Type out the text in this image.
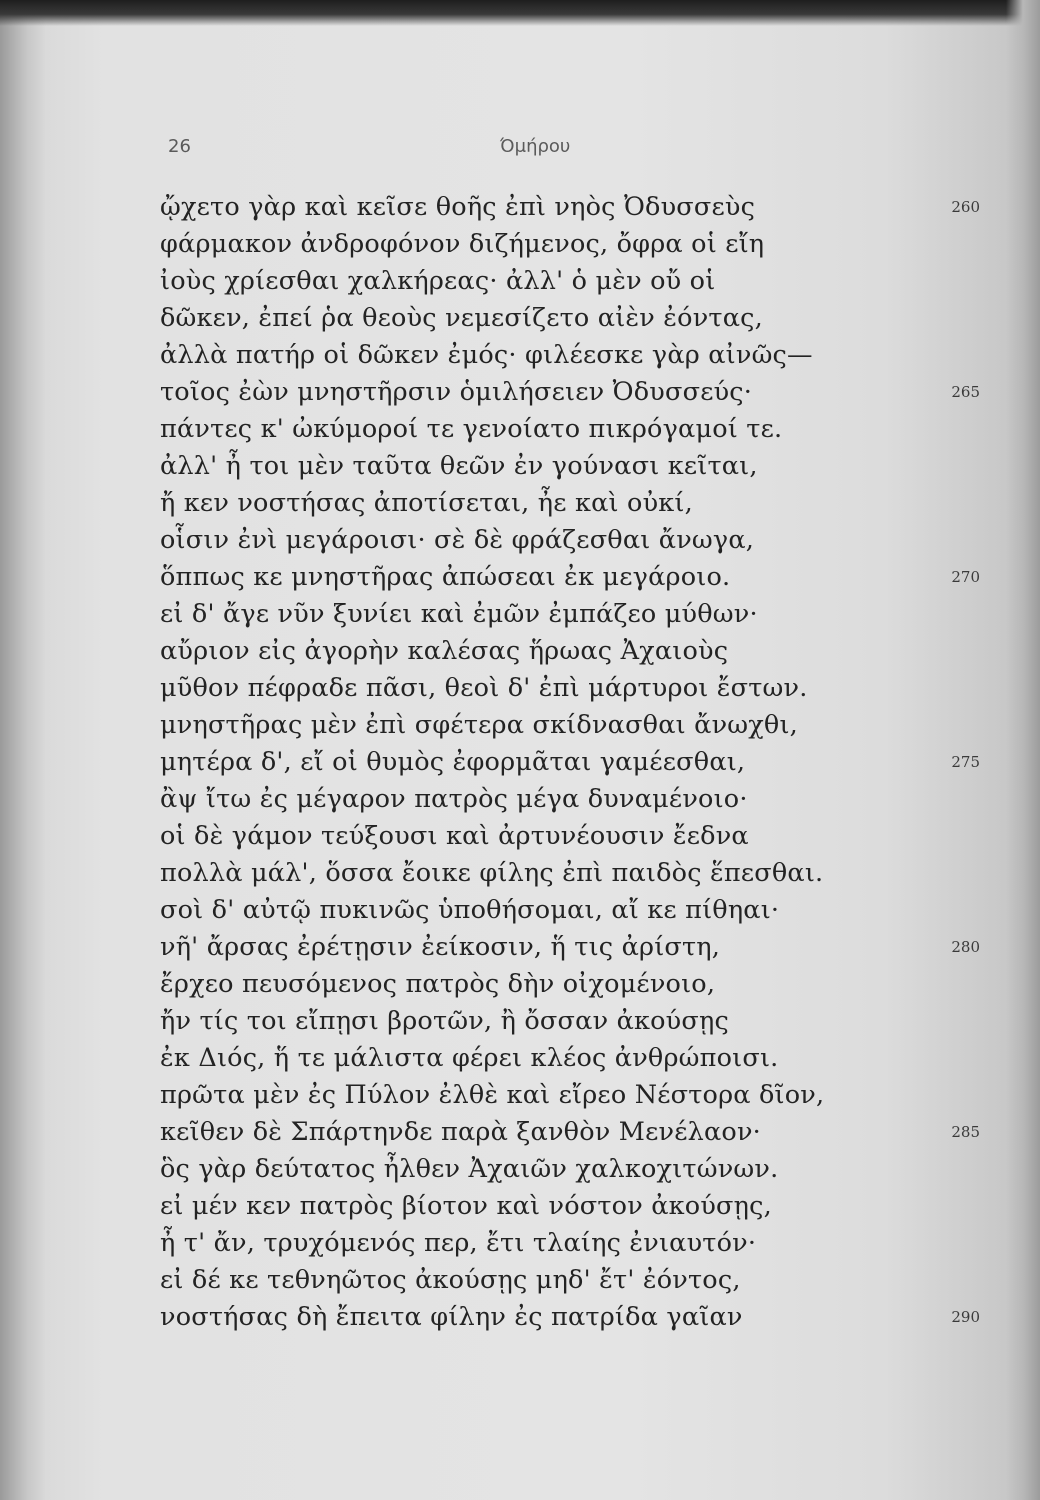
26	Όμήρου
ᾤχετο γὰρ καὶ κεῖσε θοῆς ἐπὶ νηὸς Ὀδυσσεὺς
φάρμακον ἀνδροφόνον διζήμενος, ὄφρα οἱ εἴη
ἰοὺς χρίεσθαι χαλκήρεας· ἀλλ' ὁ μὲν οὔ οἱ
δῶκεν, ἐπεί ῥα θεοὺς νεμεσίζετο αἰὲν ἐόντας,
ἀλλὰ πατήρ οἱ δῶκεν ἐμός· φιλέεσκε γὰρ αἰνῶς—
τοῖος ἐὼν μνηστῆρσιν ὁμιλήσειεν Ὀδυσσεύς·
πάντες κ' ὠκύμοροί τε γενοίατο πικρόγαμοί τε.
ἀλλ' ἦ τοι μὲν ταῦτα θεῶν ἐν γούνασι κεῖται,
ἤ κεν νοστήσας ἀποτίσεται, ἦε καὶ οὐκί,
οἷσιν ἐνὶ μεγάροισι· σὲ δὲ φράζεσθαι ἄνωγα,
ὅππως κε μνηστῆρας ἀπώσεαι ἐκ μεγάροιο.
εἰ δ' ἄγε νῦν ξυνίει καὶ ἐμῶν ἐμπάζεο μύθων·
αὔριον εἰς ἀγορὴν καλέσας ἥρωας Ἀχαιοὺς
μῦθον πέφραδε πᾶσι, θεοὶ δ' ἐπὶ μάρτυροι ἔστων.
μνηστῆρας μὲν ἐπὶ σφέτερα σκίδνασθαι ἄνωχθι,
μητέρα δ', εἴ οἱ θυμὸς ἐφορμᾶται γαμέεσθαι,
ἂψ ἴτω ἐς μέγαρον πατρὸς μέγα δυναμένοιο·
οἱ δὲ γάμον τεύξουσι καὶ ἀρτυνέουσιν ἔεδνα
πολλὰ μάλ', ὅσσα ἔοικε φίλης ἐπὶ παιδὸς ἕπεσθαι.
σοὶ δ' αὐτῷ πυκινῶς ὑποθήσομαι, αἴ κε πίθηαι·
νῆ' ἄρσας ἐρέτῃσιν ἐείκοσιν, ἥ τις ἀρίστη,
ἔρχεο πευσόμενος πατρὸς δὴν οἰχομένοιο,
ἤν τίς τοι εἴπῃσι βροτῶν, ἢ ὄσσαν ἀκούσῃς
ἐκ Διός, ἥ τε μάλιστα φέρει κλέος ἀνθρώποισι.
πρῶτα μὲν ἐς Πύλον ἐλθὲ καὶ εἴρεο Νέστορα δῖον,
κεῖθεν δὲ Σπάρτηνδε παρὰ ξανθὸν Μενέλαον·
ὃς γὰρ δεύτατος ἦλθεν Ἀχαιῶν χαλκοχιτώνων.
εἰ μέν κεν πατρὸς βίοτον καὶ νόστον ἀκούσῃς,
ἦ τ' ἄν, τρυχόμενός περ, ἔτι τλαίης ἐνιαυτόν·
εἰ δέ κε τεθνηῶτος ἀκούσῃς μηδ' ἔτ' ἐόντος,
νοστήσας δὴ ἔπειτα φίλην ἐς πατρίδα γαῖαν
260
265
270
275
280
285
290
